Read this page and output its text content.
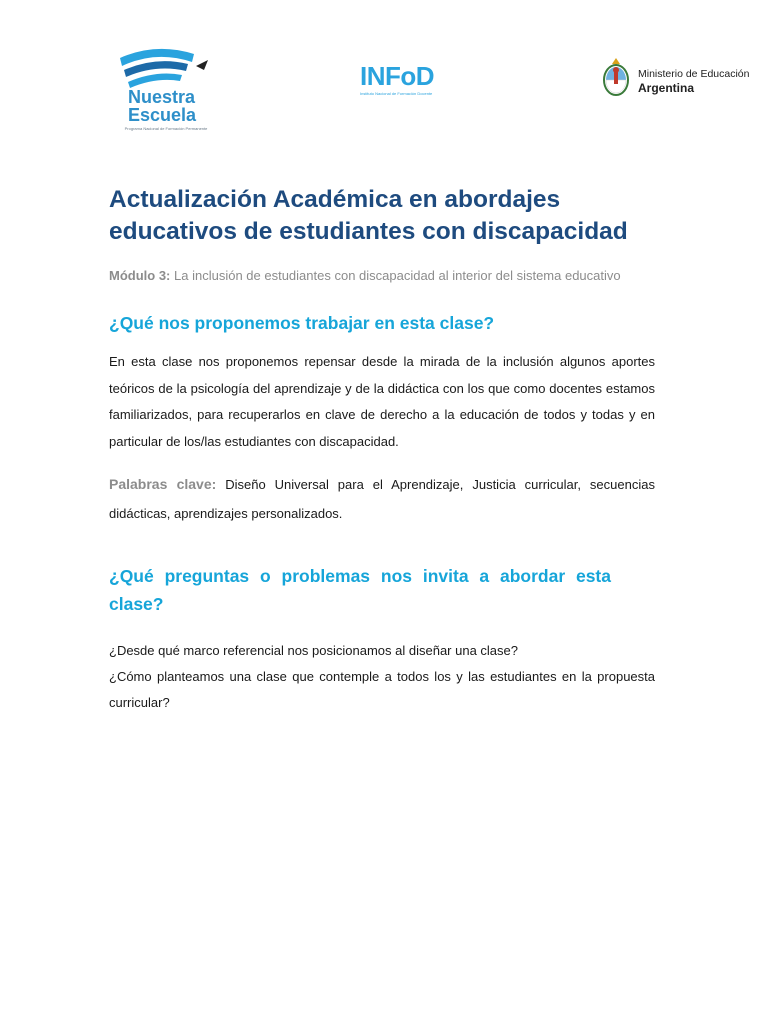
Nuestra
Escuela
Programa Nacional de Formación Permanente
INFoD
Instituto Nacional de Formación Docente
Ministerio de Educación
Argentina
Actualización Académica en abordajes educativos de estudiantes con discapacidad

Módulo 3: La inclusión de estudiantes con discapacidad al interior del sistema educativo

¿Qué nos proponemos trabajar en esta clase?

En esta clase nos proponemos repensar desde la mirada de la inclusión algunos aportes teóricos de la psicología del aprendizaje y de la didáctica con los que como docentes estamos familiarizados, para recuperarlos en clave de derecho a la educación de todos y todas y en particular de los/las estudiantes con discapacidad.

Palabras clave: Diseño Universal para el Aprendizaje, Justicia curricular, secuencias didácticas, aprendizajes personalizados.

¿Qué preguntas o problemas nos invita a abordar esta clase?

¿Desde qué marco referencial nos posicionamos al diseñar una clase?

¿Cómo planteamos una clase que contemple a todos los y las estudiantes en la propuesta curricular?
